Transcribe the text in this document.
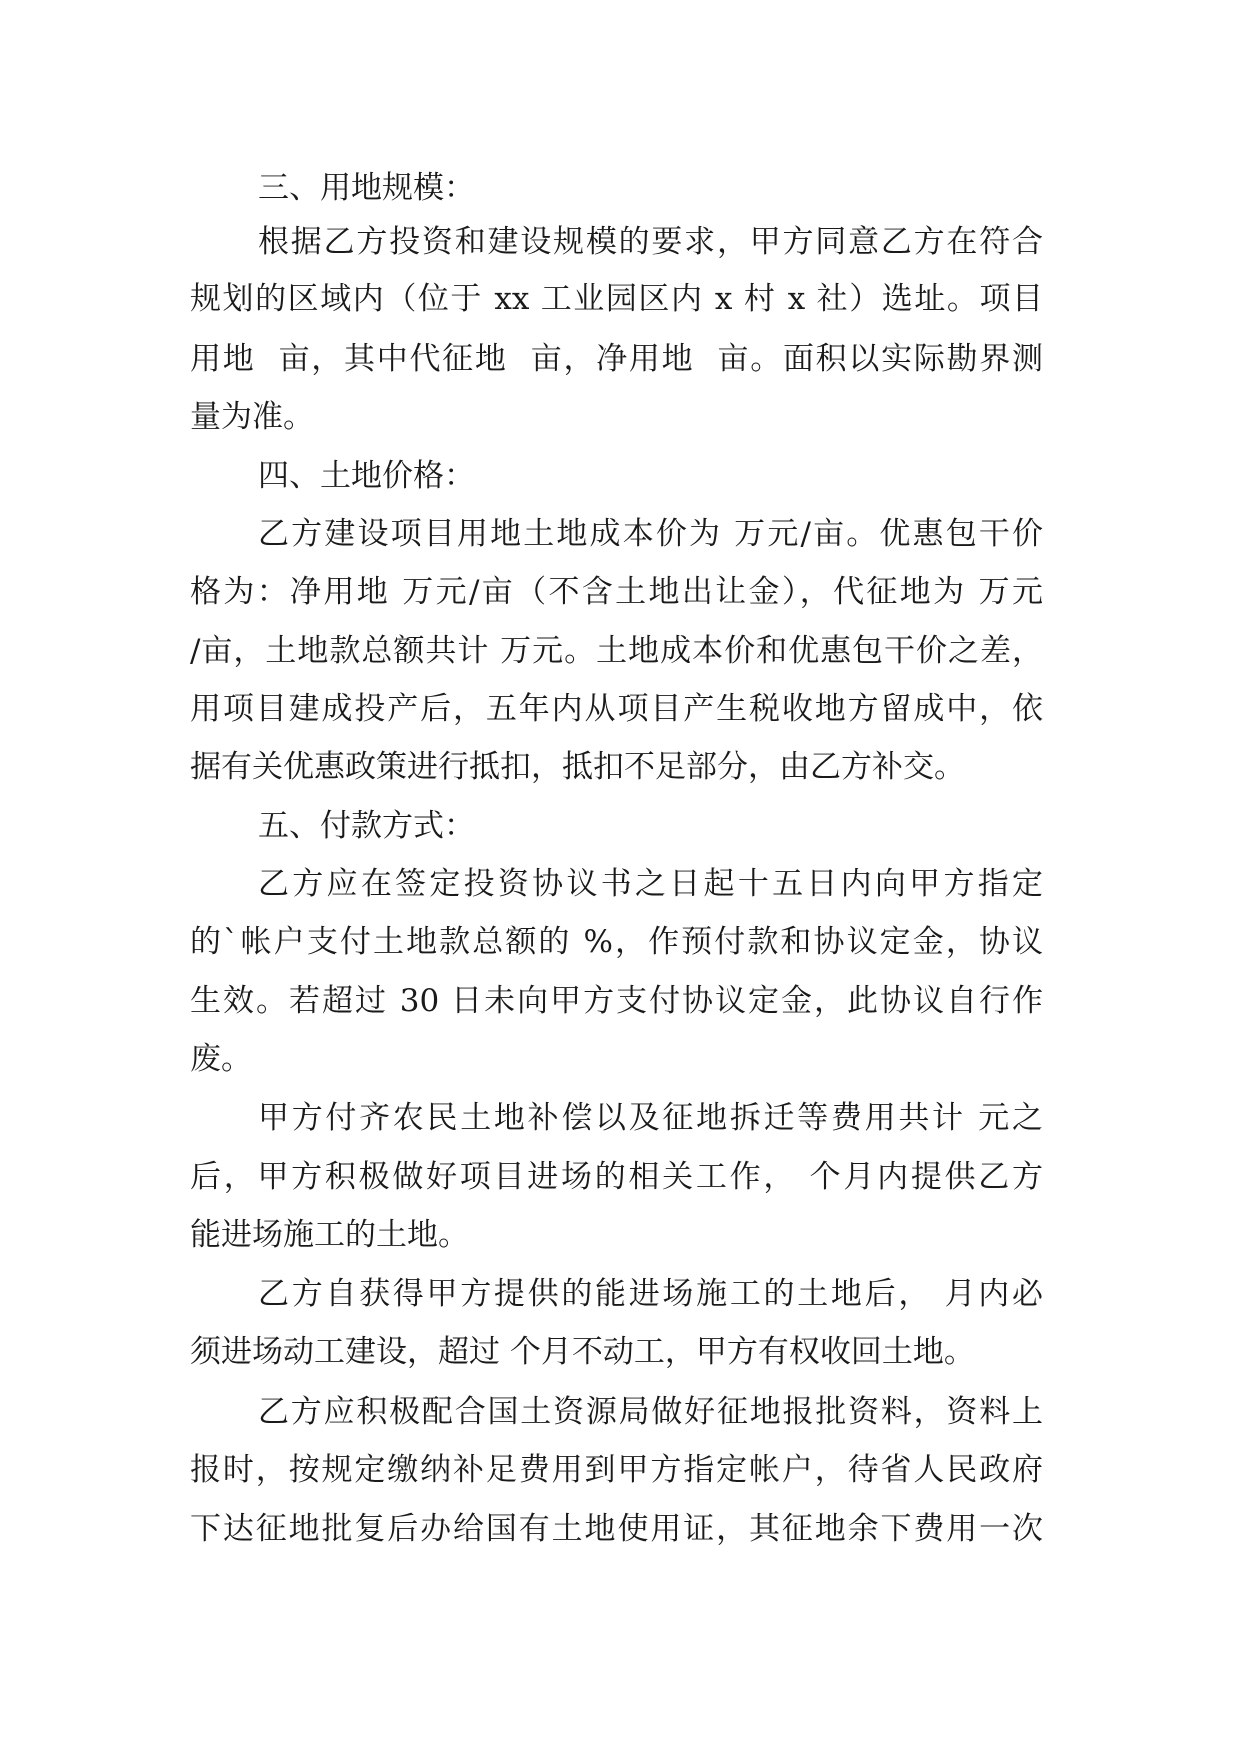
三、用地规模：
根据乙方投资和建设规模的要求，甲方同意乙方在符合
规划的区域内（位于 xx 工业园区内 x 村 x 社）选址。项目
用地  亩，其中代征地  亩，净用地  亩。面积以实际勘界测
量为准。
四、土地价格：
乙方建设项目用地土地成本价为 万元/亩。优惠包干价
格为：净用地 万元/亩（不含土地出让金），代征地为 万元
/亩，土地款总额共计 万元。土地成本价和优惠包干价之差，
用项目建成投产后，五年内从项目产生税收地方留成中，依
据有关优惠政策进行抵扣，抵扣不足部分，由乙方补交。
五、付款方式：
乙方应在签定投资协议书之日起十五日内向甲方指定
的`帐户支付土地款总额的 %，作预付款和协议定金，协议
生效。若超过 30 日未向甲方支付协议定金，此协议自行作
废。
甲方付齐农民土地补偿以及征地拆迁等费用共计 元之
后，甲方积极做好项目进场的相关工作， 个月内提供乙方
能进场施工的土地。
乙方自获得甲方提供的能进场施工的土地后， 月内必
须进场动工建设，超过 个月不动工，甲方有权收回土地。
乙方应积极配合国土资源局做好征地报批资料，资料上
报时，按规定缴纳补足费用到甲方指定帐户，待省人民政府
下达征地批复后办给国有土地使用证，其征地余下费用一次
